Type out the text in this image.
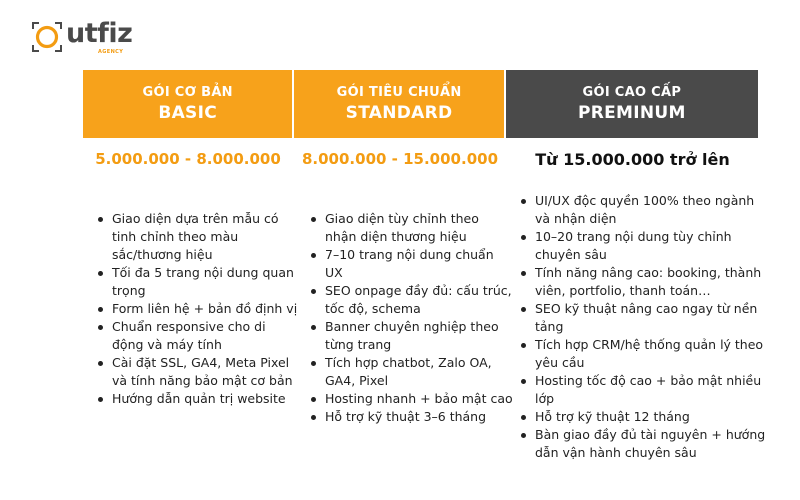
utfiz
AGENCY
GÓI CƠ BẢN
BASIC
GÓI TIÊU CHUẨN
STANDARD
GÓI CAO CẤP
PREMINUM
5.000.000 - 8.000.000	8.000.000 - 15.000.000	Từ 15.000.000 trở lên
Giao diện dựa trên mẫu có tinh chỉnh theo màu sắc/thương hiệu
Tối đa 5 trang nội dung quan trọng
Form liên hệ + bản đồ định vị
Chuẩn responsive cho di động và máy tính
Cài đặt SSL, GA4, Meta Pixel và tính năng bảo mật cơ bản
Hướng dẫn quản trị website
Giao diện tùy chỉnh theo nhận diện thương hiệu
7–10 trang nội dung chuẩn UX
SEO onpage đầy đủ: cấu trúc, tốc độ, schema
Banner chuyên nghiệp theo từng trang
Tích hợp chatbot, Zalo OA, GA4, Pixel
Hosting nhanh + bảo mật cao
Hỗ trợ kỹ thuật 3–6 tháng
UI/UX độc quyền 100% theo ngành và nhận diện
10–20 trang nội dung tùy chỉnh chuyên sâu
Tính năng nâng cao: booking, thành viên, portfolio, thanh toán…
SEO kỹ thuật nâng cao ngay từ nền tảng
Tích hợp CRM/hệ thống quản lý theo yêu cầu
Hosting tốc độ cao + bảo mật nhiều lớp
Hỗ trợ kỹ thuật 12 tháng
Bàn giao đầy đủ tài nguyên + hướng dẫn vận hành chuyên sâu
